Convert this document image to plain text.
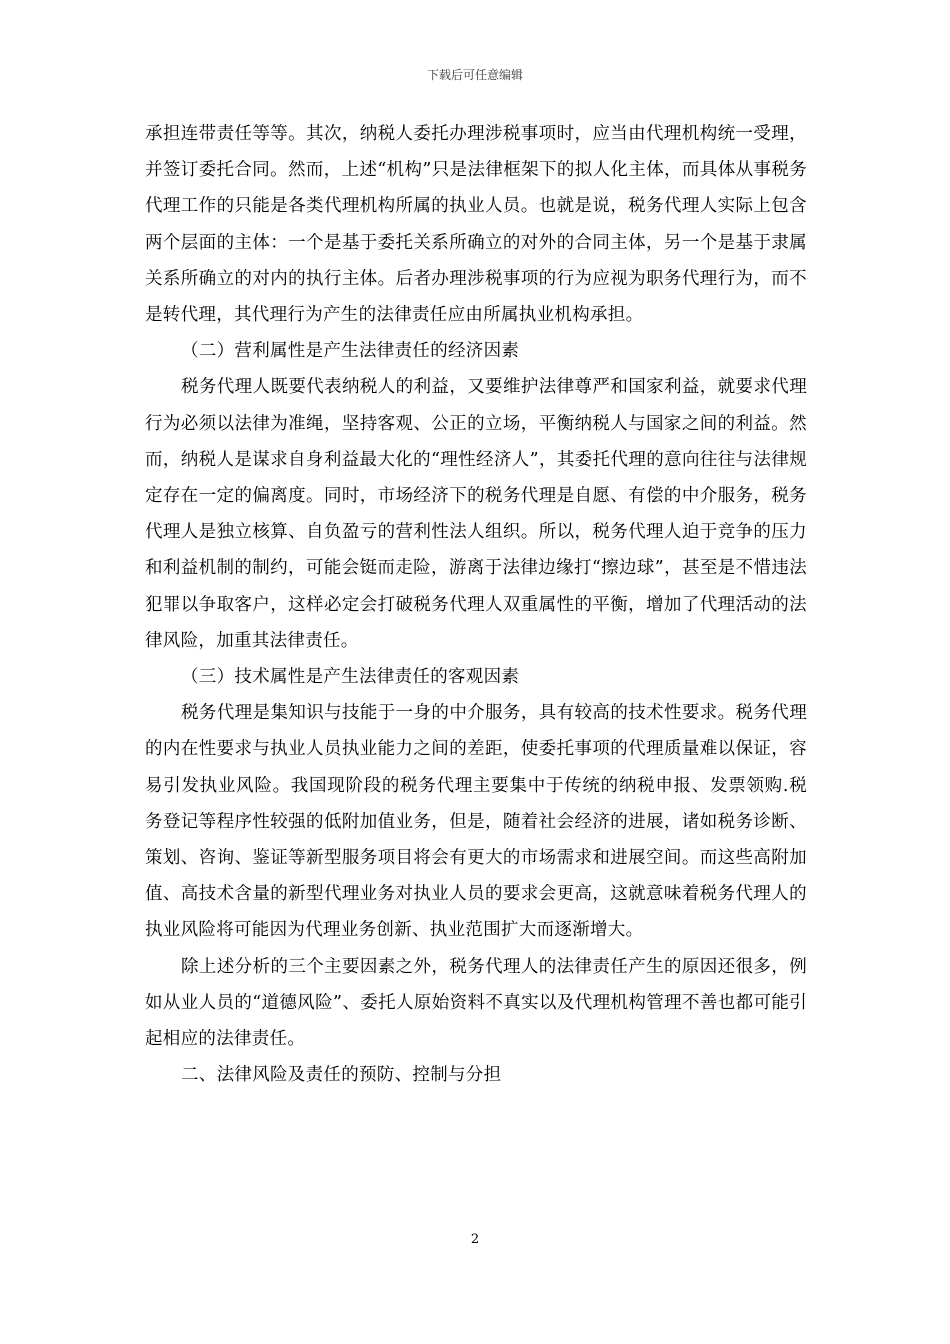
下载后可任意编辑

承担连带责任等等。其次，纳税人委托办理涉税事项时，应当由代理机构统一受理，并签订委托合同。然而，上述“机构”只是法律框架下的拟人化主体，而具体从事税务代理工作的只能是各类代理机构所属的执业人员。也就是说，税务代理人实际上包含两个层面的主体：一个是基于委托关系所确立的对外的合同主体，另一个是基于隶属关系所确立的对内的执行主体。后者办理涉税事项的行为应视为职务代理行为，而不是转代理，其代理行为产生的法律责任应由所属执业机构承担。

（二）营利属性是产生法律责任的经济因素

税务代理人既要代表纳税人的利益，又要维护法律尊严和国家利益，就要求代理行为必须以法律为准绳，坚持客观、公正的立场，平衡纳税人与国家之间的利益。然而，纳税人是谋求自身利益最大化的“理性经济人”，其委托代理的意向往往与法律规定存在一定的偏离度。同时，市场经济下的税务代理是自愿、有偿的中介服务，税务代理人是独立核算、自负盈亏的营利性法人组织。所以，税务代理人迫于竞争的压力和利益机制的制约，可能会铤而走险，游离于法律边缘打“擦边球”，甚至是不惜违法犯罪以争取客户，这样必定会打破税务代理人双重属性的平衡，增加了代理活动的法律风险，加重其法律责任。

（三）技术属性是产生法律责任的客观因素

税务代理是集知识与技能于一身的中介服务，具有较高的技术性要求。税务代理的内在性要求与执业人员执业能力之间的差距，使委托事项的代理质量难以保证，容易引发执业风险。我国现阶段的税务代理主要集中于传统的纳税申报、发票领购.税务登记等程序性较强的低附加值业务，但是，随着社会经济的进展，诸如税务诊断、策划、咨询、鉴证等新型服务项目将会有更大的市场需求和进展空间。而这些高附加值、高技术含量的新型代理业务对执业人员的要求会更高，这就意味着税务代理人的执业风险将可能因为代理业务创新、执业范围扩大而逐渐增大。

除上述分析的三个主要因素之外，税务代理人的法律责任产生的原因还很多，例如从业人员的“道德风险”、委托人原始资料不真实以及代理机构管理不善也都可能引起相应的法律责任。

二、法律风险及责任的预防、控制与分担

2
